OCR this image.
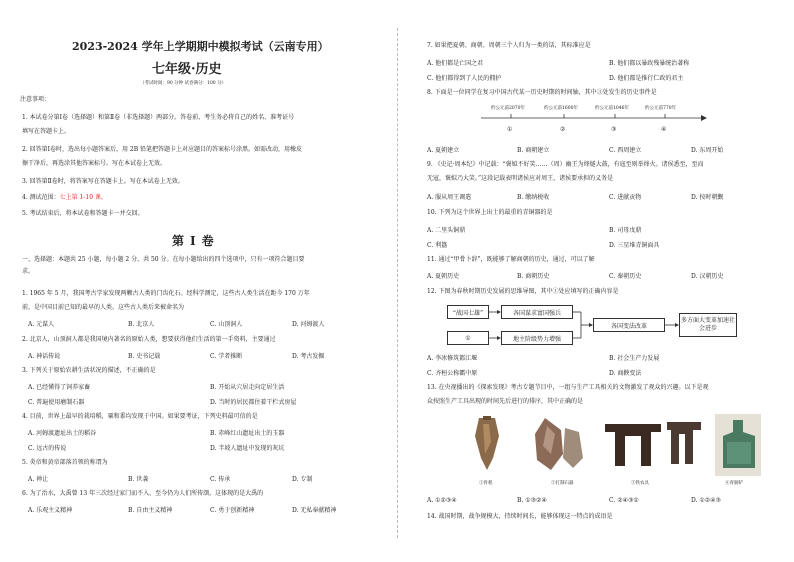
2023-2024 学年上学期期中模拟考试（云南专用）
七年级·历史
（考试时间：90 分钟 试卷满分：100 分）
注意事项：
1. 本试卷分第Ⅰ卷（选择题）和第Ⅱ卷（非选择题）两部分。答卷前，考生务必将自己的姓名、准考证号
填写在答题卡上。
2. 回答第Ⅰ卷时，选出每小题答案后，用 2B 铅笔把答题卡上对应题目的答案标号涂黑。如需改动，用橡皮
擦干净后，再选涂其他答案标号。写在本试卷上无效。
3. 回答第Ⅱ卷时，将答案写在答题卡上。写在本试卷上无效。
4. 测试范围：七上第 1-10 课。
5. 考试结束后，将本试卷和答题卡一并交回。
第Ⅰ卷
一、选择题：本题共 25 小题，每小题 2 分，共 50 分。在每小题给出的四个选项中，只有一项符合题目要
求。
1. 1965 年 5 月，我国考古学家发现两颗古人类的门齿化石。经科学测定，这些古人类生活在距今 170 万年
前，是中国目前已知的最早的人类。这些古人类后来被命名为
A. 元谋人	B. 北京人	C. 山顶洞人	D. 河姆渡人
2. 北京人，山顶洞人都是我国境内著名的原始人类，想要获得他们生活的第一手资料，主要通过
A. 神话传说	B. 史书记载	C. 学者推断	D. 考古发掘
3. 下列关于原始农耕生活状况的描述，不正确的是
A. 已经懂得了饲养家畜	B. 开始从穴居走向定居生活
C. 普遍使用磨制石器	D. 当时的居民都住着干栏式房屋
4. 目前，世界上最早的栽培稻，粟和黍均发现于中国。如果要考证，下列史料最可信的是
A. 河姆渡遗址出土的稻谷	B. 赤峰红山遗址出土的玉器
C. 远古的传说	D. 半坡人遗址中发现的灰坑
5. 炎帝和黄帝部落首领的称谓为
A. 禅让	B. 世袭	C. 传承	D. 专制
6. 为了治水，大禹曾 13 年三次经过家门而不入，至今仍为人们所传颂。这体现的是大禹的
A. 乐观主义精神	B. 自由主义精神	C. 勇于创新精神	D. 无私奉献精神
7. 如果把夏朝、商朝、周朝三个人归为一类的话，其标准应是
A. 他们都是亡国之君	B. 他们都以暴政残暴统治著称
C. 他们都得到了人民的拥护	D. 他们都是推行仁政的君主
8. 下面是一位同学在复习中国古代某一历史时期的时间轴，其中③处发生的历史事件是
约公元前2070年	约公元前1600年	约公元前1046年	约公元前770年
①	②	③	④
A. 夏朝建立	B. 商朝建立	C. 西周建立	D. 东周开始
9. 《史记·周本纪》中记载：“褒姒不好笑……（周）幽王为烽燧大鼓，有寇至则举烽火。诸侯悉至，至而
无寇，褒姒乃大笑。”这段记载表明诸侯应对周王，诸侯要承担的义务是
A. 服从周王调遣	B. 缴纳税收	C. 进献贡物	D. 按时朝觐
10. 下列为这个世界上出土的最重的青铜器的是
A. 二里头铜鼎	B. 司母戊鼎
C. 利簋	D. 三星堆青铜面具
11. 通过“甲骨卜辞”，既能够了解商朝的历史，通过，可以了解
A. 夏朝历史	B. 商朝历史	C. 秦朝历史	D. 汉朝历史
12. 下图为春秋时期历史发展的思维导图，其中①处应填写的正确内容是
“战国七雄”	各国谋求富国强兵
①	地主阶级势力增强
各国变法改革
多方面大变革加速社会进步
A. 李冰修筑都江堰	B. 社会生产力发展
C. 齐桓公称霸中原	D. 商鞅变法
13. 在央视播出的《探索发现》考古专题节目中，一组与生产工具相关的文物激发了观众的兴趣。以下是观
众按照生产工具出现的时间先后进行的排序，其中正确的是
①骨耜	②打制石器	③铁农具	④青铜铲
A. ①②③④	B. ①③②④	C. ②④③①	D. ①②④③
14. 战国时期，战争规模大，持续时间长，能够体现这一特点的成语是
